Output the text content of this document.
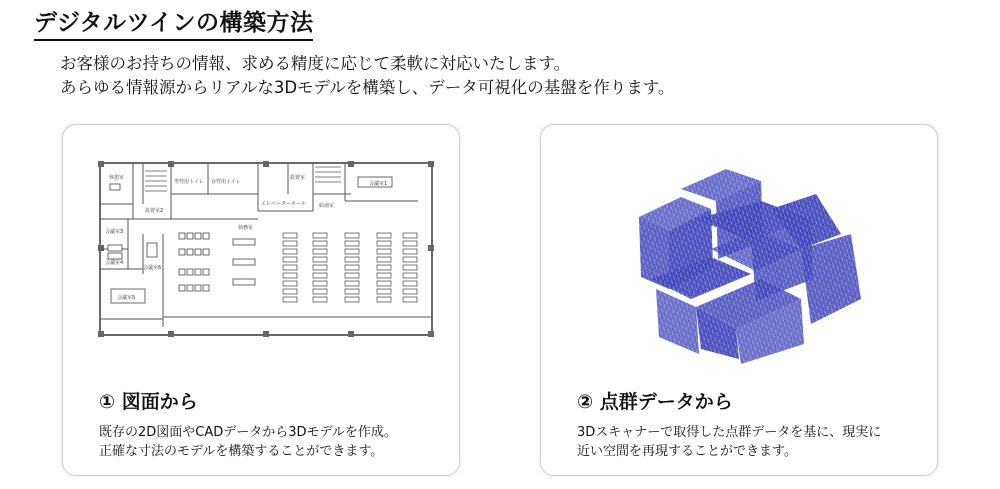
デジタルツインの構築方法
お客様のお持ちの情報、求める精度に応じて柔軟に対応いたします。
あらゆる情報源からリアルな3Dモデルを構築し、データ可視化の基盤を作ります。
休憩室
男性用トイレ 女性用トイレ
設置室
設置室2
エレベーターホール	給湯室
会議室1
会議室3
会議室4
会議室5
執務室
会議室6
① 図面から
既存の2D図面やCADデータから3Dモデルを作成。
正確な寸法のモデルを構築することができます。
② 点群データから
3Dスキャナーで取得した点群データを基に、現実に
近い空間を再現することができます。
